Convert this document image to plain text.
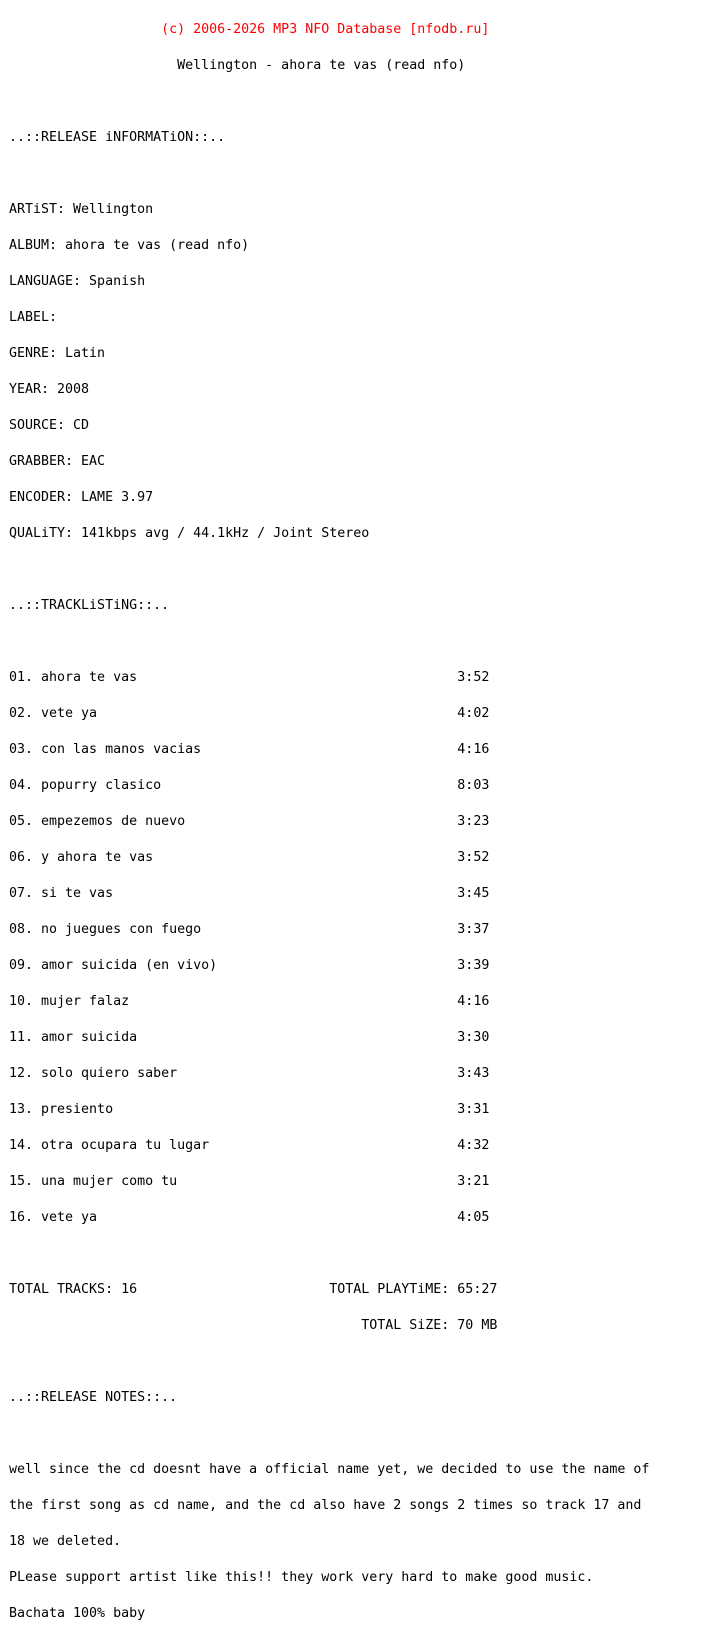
(c) 2006-2026 MP3 NFO Database [nfodb.ru]

Wellington - ahora te vas (read nfo)

..::RELEASE iNFORMATiON::..

ARTiST: Wellington

ALBUM: ahora te vas (read nfo)

LANGUAGE: Spanish

LABEL:

GENRE: Latin

YEAR: 2008

SOURCE: CD

GRABBER: EAC

ENCODER: LAME 3.97

QUALiTY: 141kbps avg / 44.1kHz / Joint Stereo

..::TRACKLiSTiNG::..

01. ahora te vas                                        3:52

02. vete ya                                             4:02

03. con las manos vacias                                4:16

04. popurry clasico                                     8:03

05. empezemos de nuevo                                  3:23

06. y ahora te vas                                      3:52

07. si te vas                                           3:45

08. no juegues con fuego                                3:37

09. amor suicida (en vivo)                              3:39

10. mujer falaz                                         4:16

11. amor suicida                                        3:30

12. solo quiero saber                                   3:43

13. presiento                                           3:31

14. otra ocupara tu lugar                               4:32

15. una mujer como tu                                   3:21

16. vete ya                                             4:05

TOTAL TRACKS: 16                        TOTAL PLAYTiME: 65:27

TOTAL SiZE: 70 MB

..::RELEASE NOTES::..

well since the cd doesnt have a official name yet, we decided to use the name of

the first song as cd name, and the cd also have 2 songs 2 times so track 17 and

18 we deleted.

PLease support artist like this!! they work very hard to make good music.

Bachata 100% baby
